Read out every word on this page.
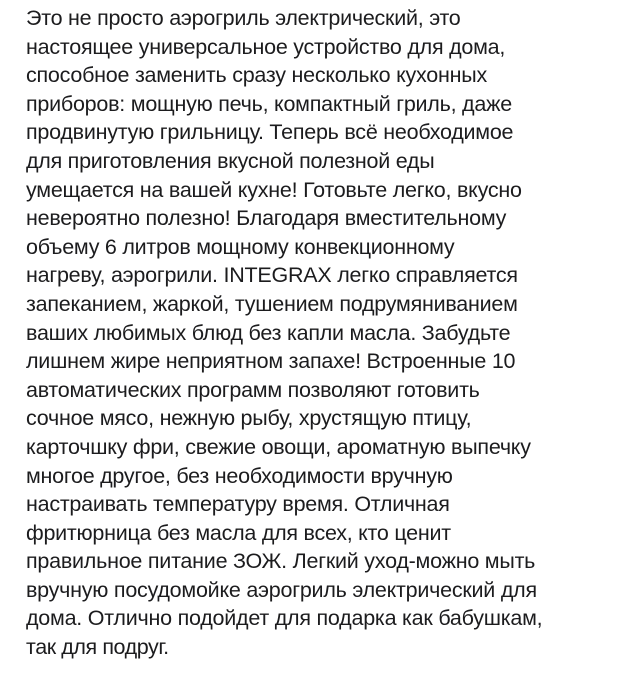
Это не просто аэрогриль электрический, это
настоящее универсальное устройство для дома,
способное заменить сразу несколько кухонных
приборов: мощную печь, компактный гриль, даже
продвинутую грильницу. Теперь всё необходимое
для приготовления вкусной полезной еды
умещается на вашей кухне! Готовьте легко, вкусно
невероятно полезно! Благодаря вместительному
объему 6 литров мощному конвекционному
нагреву, аэрогрили. INTEGRAX легко справляется
запеканием, жаркой, тушением подрумяниванием
ваших любимых блюд без капли масла. Забудьте
лишнем жире неприятном запахе! Встроенные 10
автоматических программ позволяют готовить
сочное мясо, нежную рыбу, хрустящую птицу,
карточшку фри, свежие овощи, ароматную выпечку
многое другое, без необходимости вручную
настраивать температуру время. Отличная
фритюрница без масла для всех, кто ценит
правильное питание ЗОЖ. Легкий уход-можно мыть
вручную посудомойке аэрогриль электрический для
дома. Отлично подойдет для подарка как бабушкам,
так для подруг.
